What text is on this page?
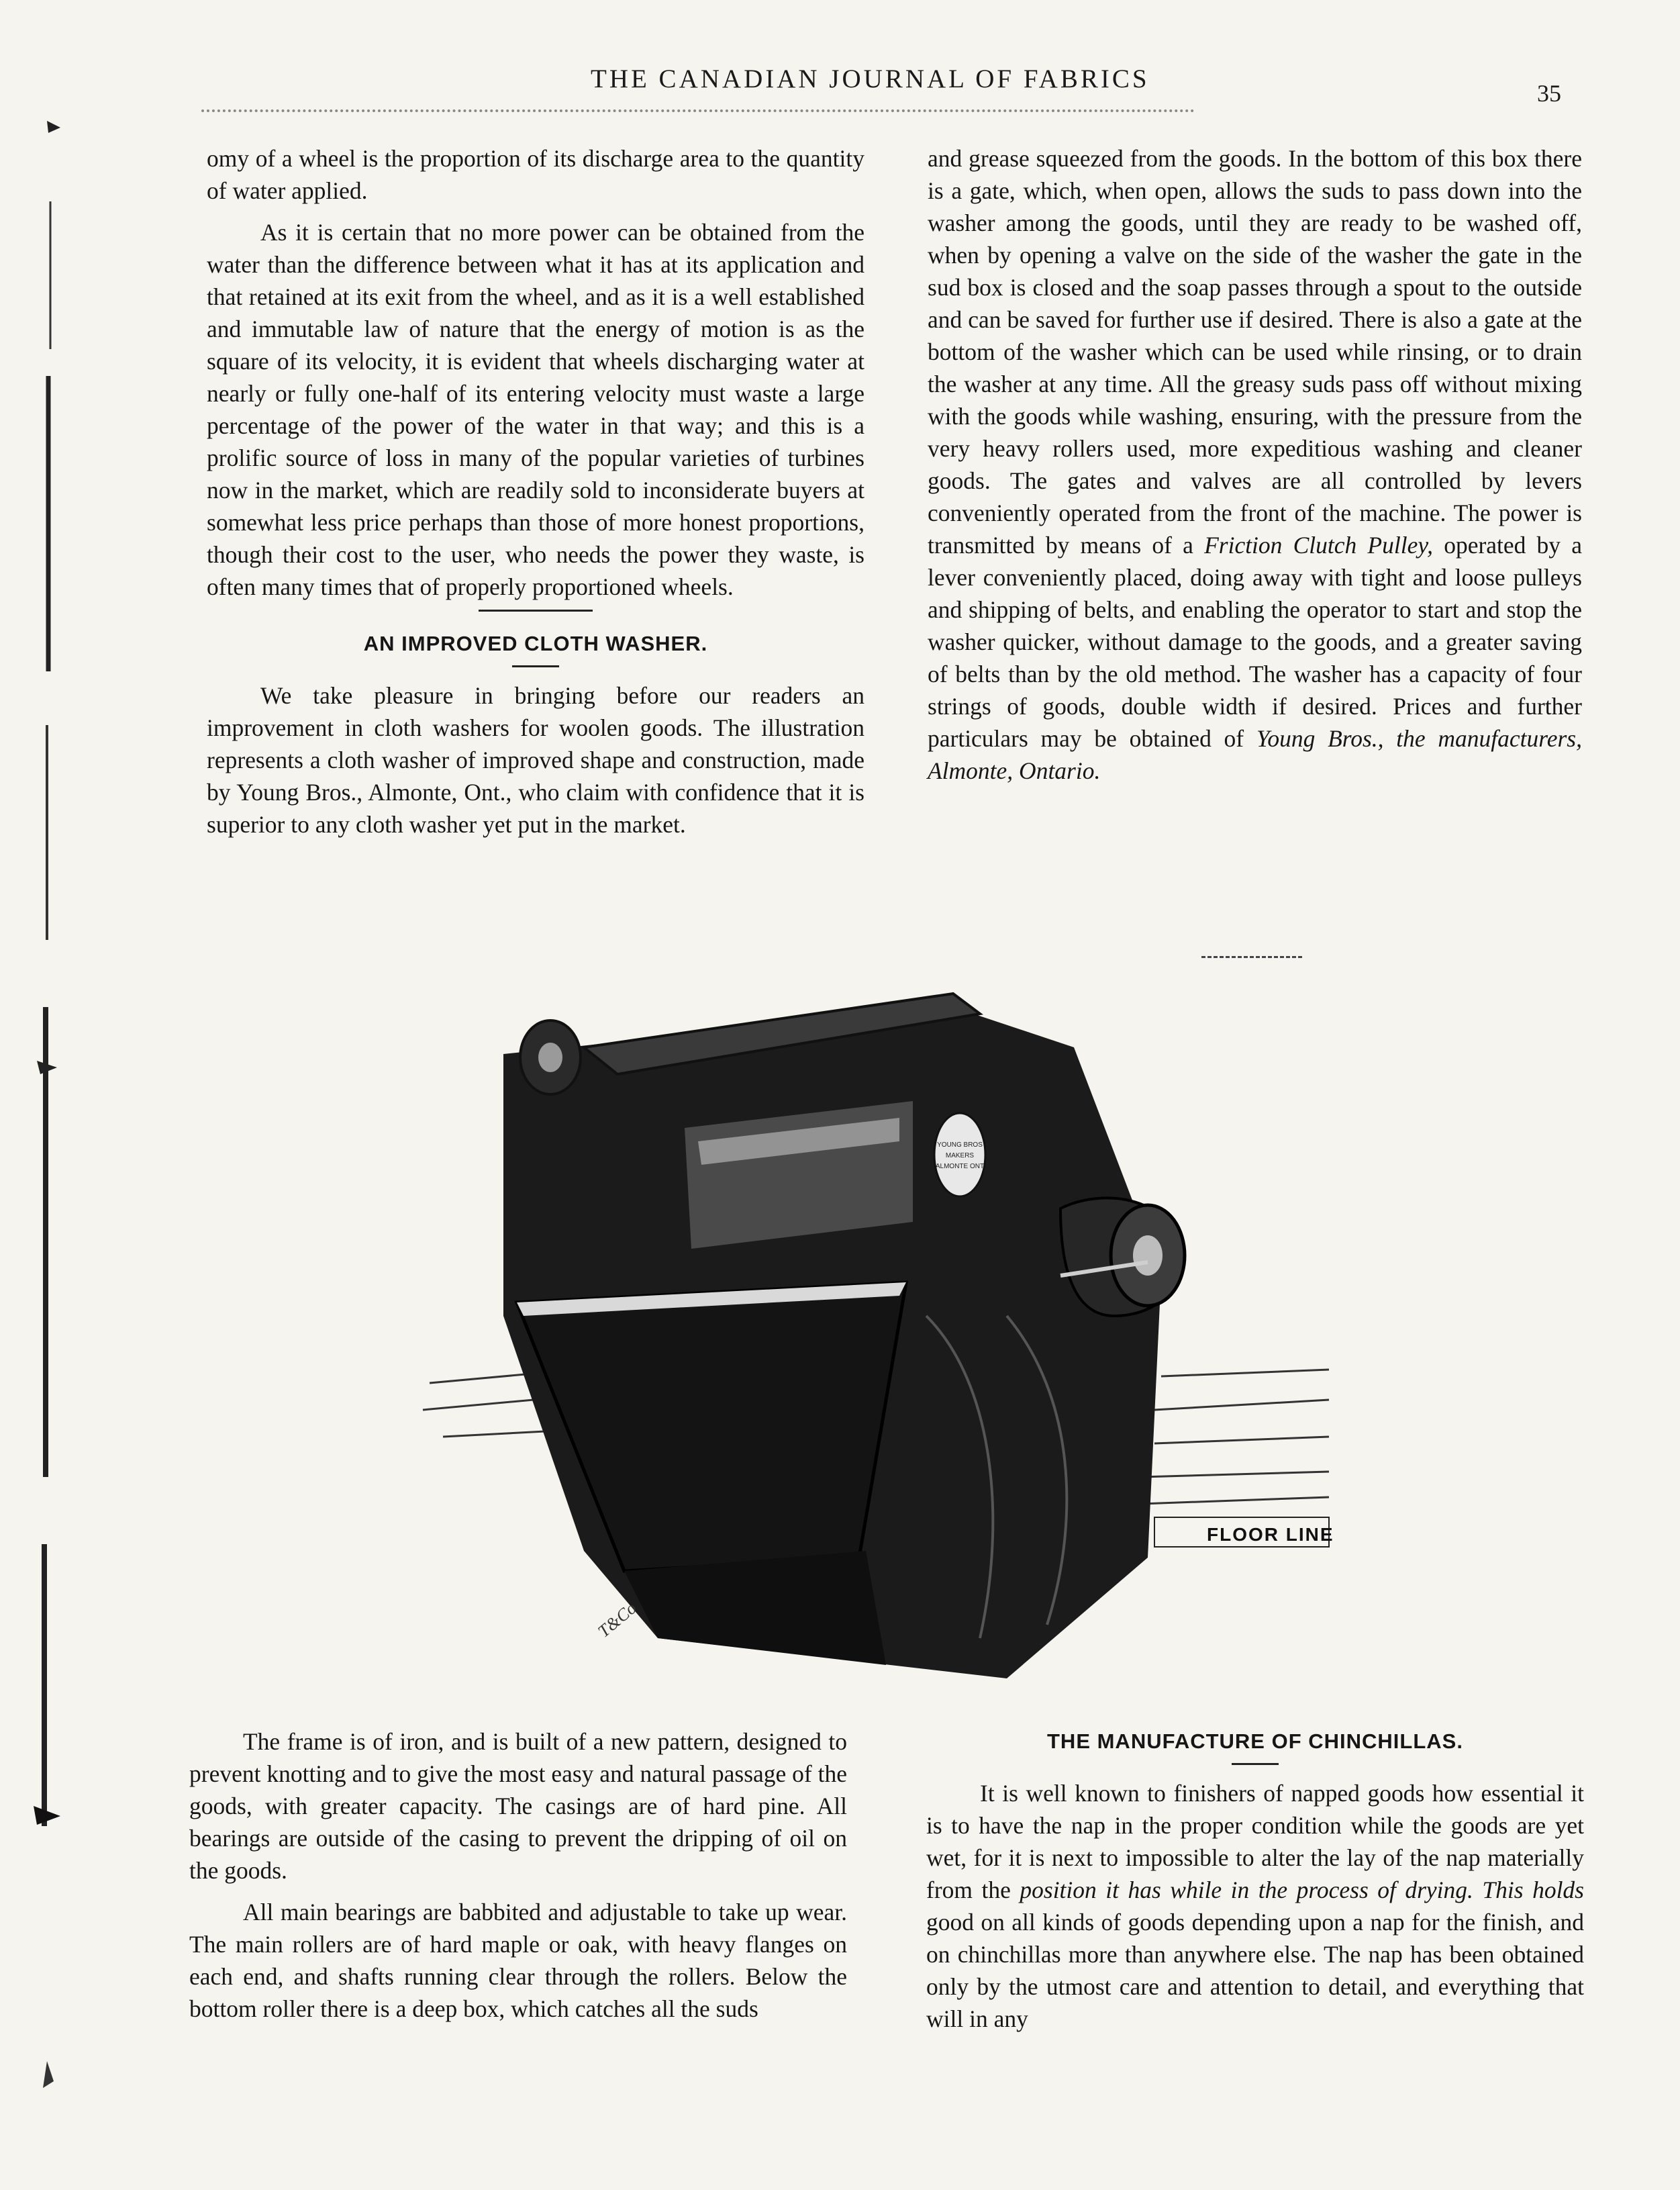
THE CANADIAN JOURNAL OF FABRICS	35

omy of a wheel is the proportion of its discharge area to the quantity of water applied.

As it is certain that no more power can be obtained from the water than the difference between what it has at its application and that retained at its exit from the wheel, and as it is a well established and immutable law of nature that the energy of motion is as the square of its velocity, it is evident that wheels discharging water at nearly or fully one-half of its entering velocity must waste a large percentage of the power of the water in that way; and this is a prolific source of loss in many of the popular varieties of turbines now in the market, which are readily sold to inconsiderate buyers at somewhat less price perhaps than those of more honest proportions, though their cost to the user, who needs the power they waste, is often many times that of properly proportioned wheels.

AN IMPROVED CLOTH WASHER.

We take pleasure in bringing before our readers an improvement in cloth washers for woolen goods. The illustration represents a cloth washer of improved shape and construction, made by Young Bros., Almonte, Ont., who claim with confidence that it is superior to any cloth washer yet put in the market.

and grease squeezed from the goods. In the bottom of this box there is a gate, which, when open, allows the suds to pass down into the washer among the goods, until they are ready to be washed off, when by opening a valve on the side of the washer the gate in the sud box is closed and the soap passes through a spout to the outside and can be saved for further use if desired. There is also a gate at the bottom of the washer which can be used while rinsing, or to drain the washer at any time. All the greasy suds pass off without mixing with the goods while washing, ensuring, with the pressure from the very heavy rollers used, more expeditious washing and cleaner goods. The gates and valves are all controlled by levers conveniently operated from the front of the machine. The power is transmitted by means of a Friction Clutch Pulley, operated by a lever conveniently placed, doing away with tight and loose pulleys and shipping of belts, and enabling the operator to start and stop the washer quicker, without damage to the goods, and a greater saving of belts than by the old method. The washer has a capacity of four strings of goods, double width if desired. Prices and further particulars may be obtained of Young Bros., the manufacturers, Almonte, Ontario.

YOUNG BROS
MAKERS
ALMONTE ONT
T&Co
FLOOR LINE

The frame is of iron, and is built of a new pattern, designed to prevent knotting and to give the most easy and natural passage of the goods, with greater capacity. The casings are of hard pine. All bearings are outside of the casing to prevent the dripping of oil on the goods.

All main bearings are babbited and adjustable to take up wear. The main rollers are of hard maple or oak, with heavy flanges on each end, and shafts running clear through the rollers. Below the bottom roller there is a deep box, which catches all the suds

THE MANUFACTURE OF CHINCHILLAS.

It is well known to finishers of napped goods how essential it is to have the nap in the proper condition while the goods are yet wet, for it is next to impossible to alter the lay of the nap materially from the position it has while in the process of drying. This holds good on all kinds of goods depending upon a nap for the finish, and on chinchillas more than anywhere else. The nap has been obtained only by the utmost care and attention to detail, and everything that will in any
